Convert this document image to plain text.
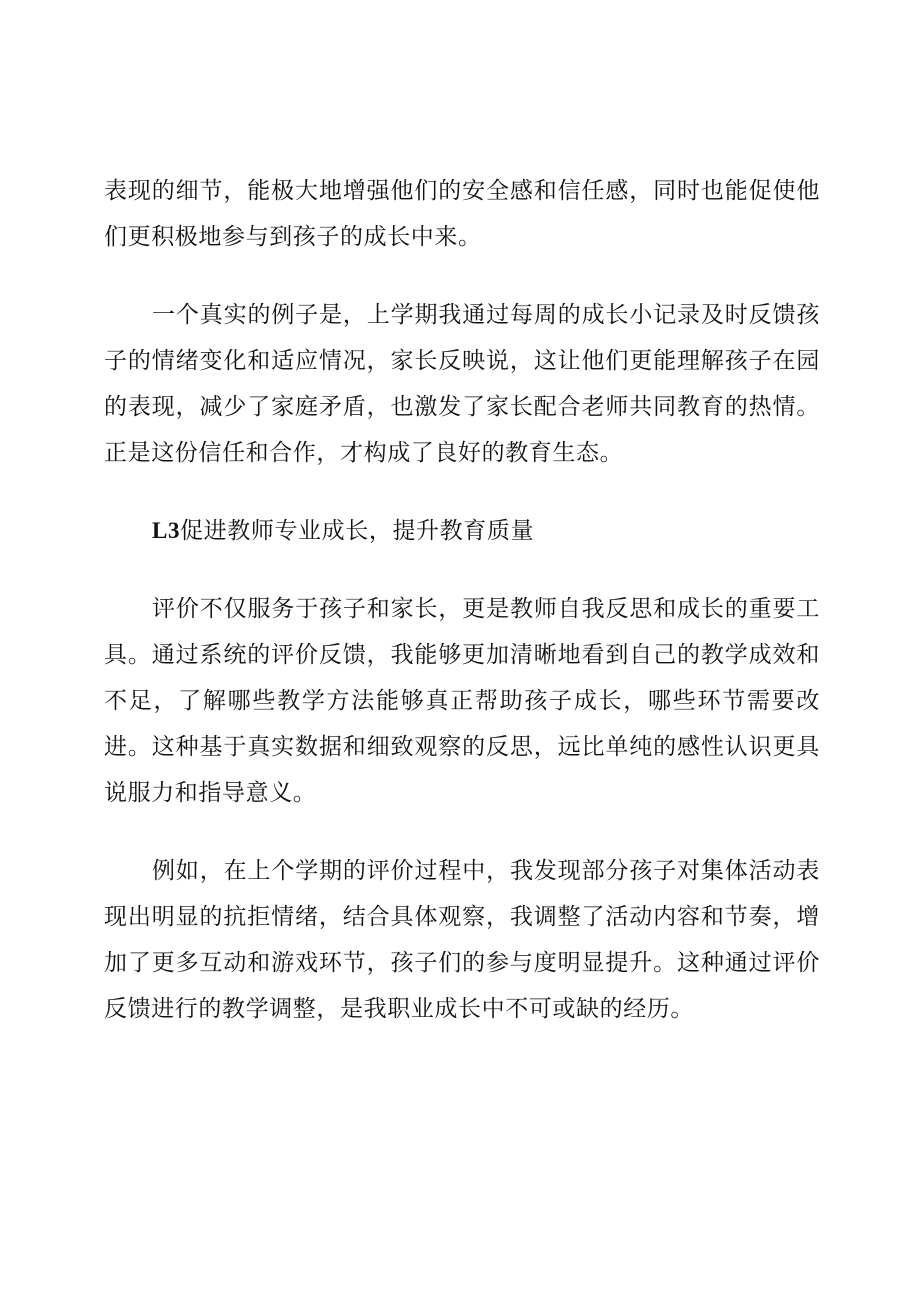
表现的细节，能极大地增强他们的安全感和信任感，同时也能促使他们更积极地参与到孩子的成长中来。

一个真实的例子是，上学期我通过每周的成长小记录及时反馈孩子的情绪变化和适应情况，家长反映说，这让他们更能理解孩子在园的表现，减少了家庭矛盾，也激发了家长配合老师共同教育的热情。正是这份信任和合作，才构成了良好的教育生态。

L3促进教师专业成长，提升教育质量

评价不仅服务于孩子和家长，更是教师自我反思和成长的重要工具。通过系统的评价反馈，我能够更加清晰地看到自己的教学成效和不足，了解哪些教学方法能够真正帮助孩子成长，哪些环节需要改进。这种基于真实数据和细致观察的反思，远比单纯的感性认识更具说服力和指导意义。

例如，在上个学期的评价过程中，我发现部分孩子对集体活动表现出明显的抗拒情绪，结合具体观察，我调整了活动内容和节奏，增加了更多互动和游戏环节，孩子们的参与度明显提升。这种通过评价反馈进行的教学调整，是我职业成长中不可或缺的经历。
